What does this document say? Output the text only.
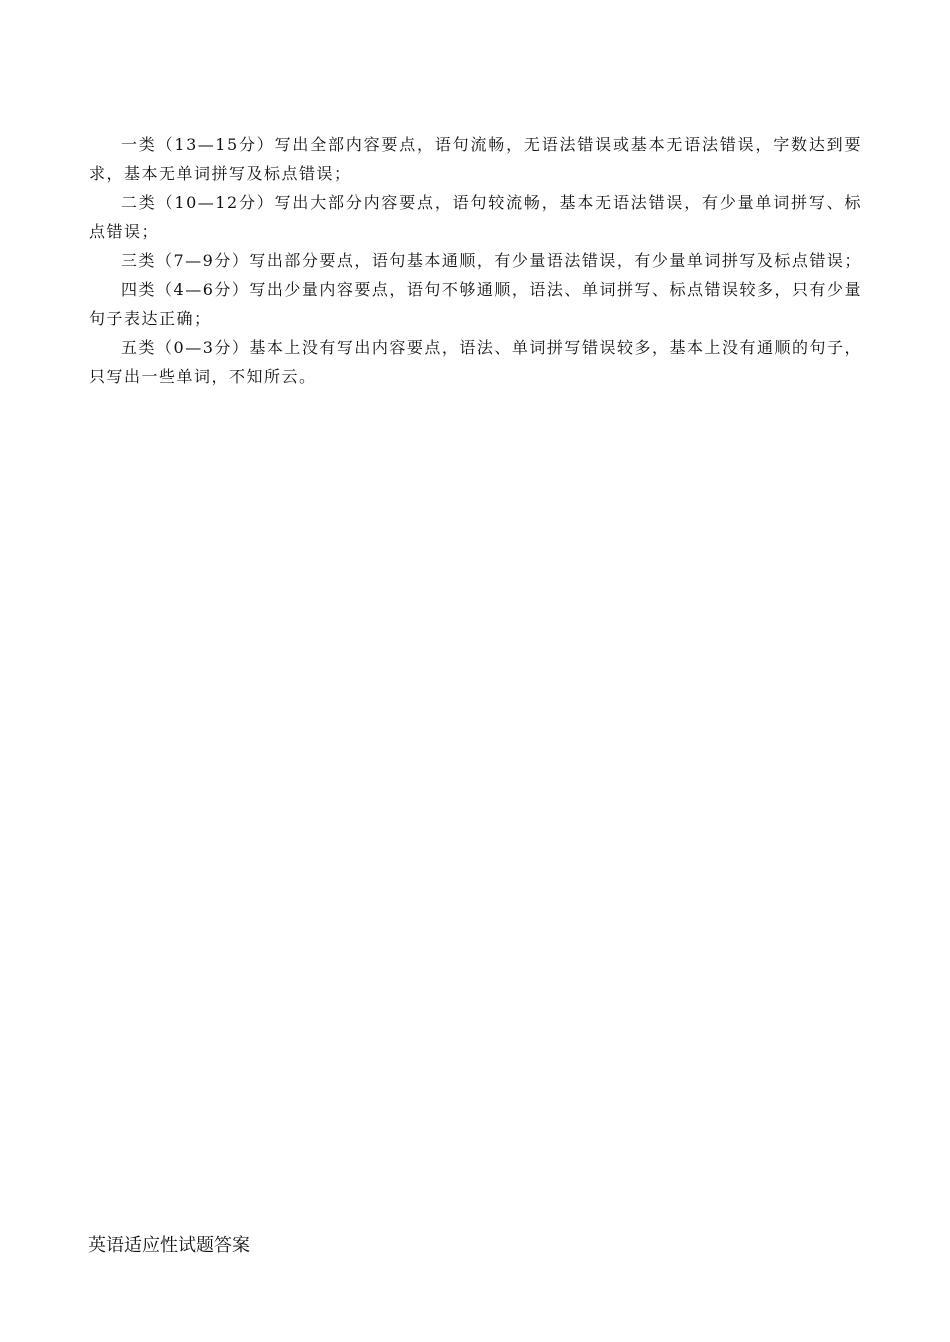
一类（13—15分）写出全部内容要点，语句流畅，无语法错误或基本无语法错误，字数达到要求，基本无单词拼写及标点错误；

二类（10—12分）写出大部分内容要点，语句较流畅，基本无语法错误，有少量单词拼写、标点错误；

三类（7—9分）写出部分要点，语句基本通顺，有少量语法错误，有少量单词拼写及标点错误；

四类（4—6分）写出少量内容要点，语句不够通顺，语法、单词拼写、标点错误较多，只有少量句子表达正确；

五类（0—3分）基本上没有写出内容要点，语法、单词拼写错误较多，基本上没有通顺的句子，只写出一些单词，不知所云。

英语适应性试题答案
